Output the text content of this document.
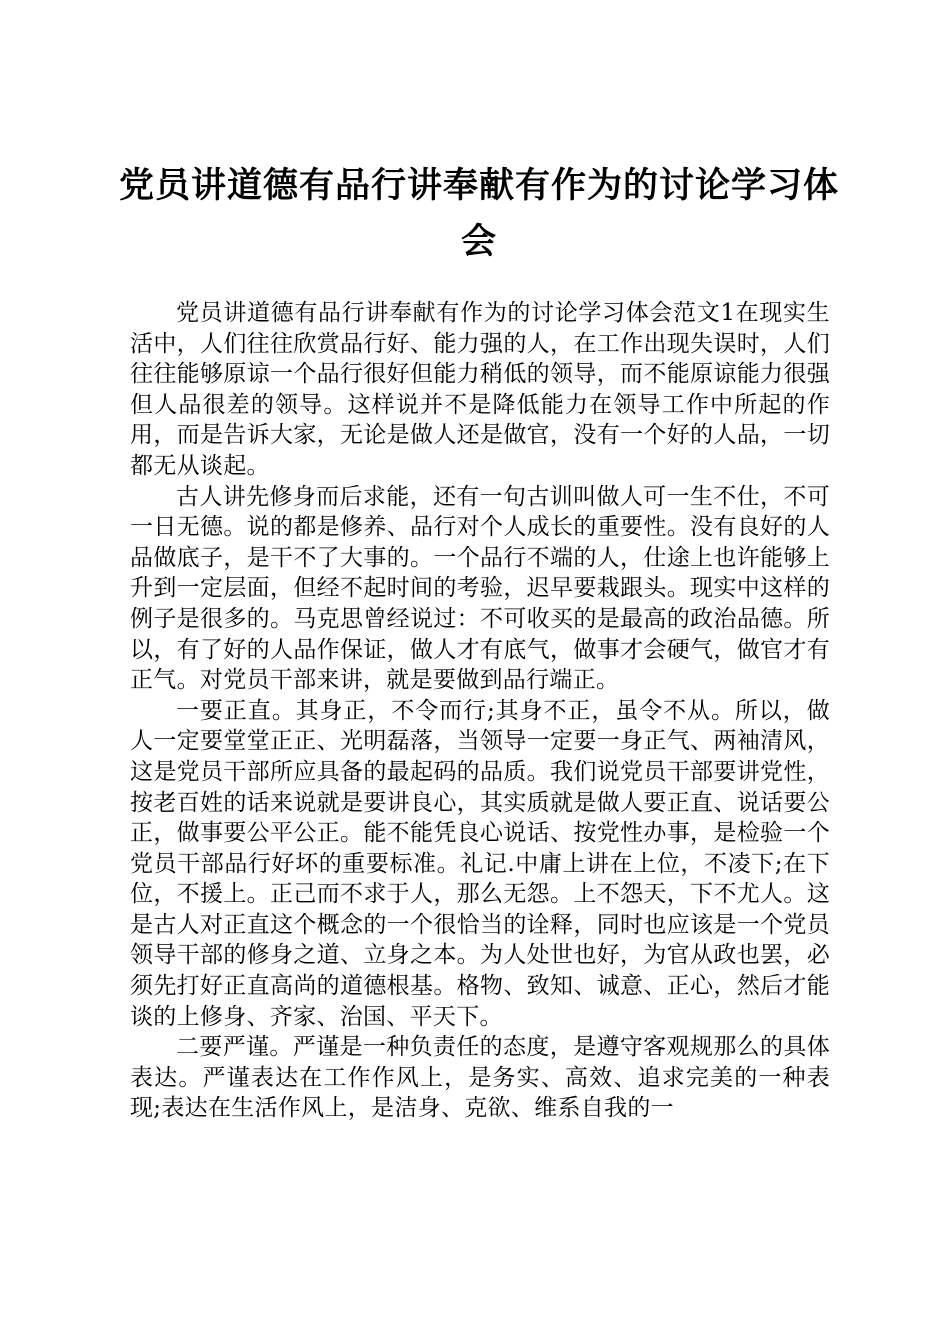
党员讲道德有品行讲奉献有作为的讨论学习体会

党员讲道德有品行讲奉献有作为的讨论学习体会范文1在现实生活中，人们往往欣赏品行好、能力强的人，在工作出现失误时，人们往往能够原谅一个品行很好但能力稍低的领导，而不能原谅能力很强但人品很差的领导。这样说并不是降低能力在领导工作中所起的作用，而是告诉大家，无论是做人还是做官，没有一个好的人品，一切都无从谈起。

古人讲先修身而后求能，还有一句古训叫做人可一生不仕，不可一日无德。说的都是修养、品行对个人成长的重要性。没有良好的人品做底子，是干不了大事的。一个品行不端的人，仕途上也许能够上升到一定层面，但经不起时间的考验，迟早要栽跟头。现实中这样的例子是很多的。马克思曾经说过：不可收买的是最高的政治品德。所以，有了好的人品作保证，做人才有底气，做事才会硬气，做官才有正气。对党员干部来讲，就是要做到品行端正。

一要正直。其身正，不令而行;其身不正，虽令不从。所以，做人一定要堂堂正正、光明磊落，当领导一定要一身正气、两袖清风，这是党员干部所应具备的最起码的品质。我们说党员干部要讲党性，按老百姓的话来说就是要讲良心，其实质就是做人要正直、说话要公正，做事要公平公正。能不能凭良心说话、按党性办事，是检验一个党员干部品行好坏的重要标准。礼记.中庸上讲在上位，不凌下;在下位，不援上。正己而不求于人，那么无怨。上不怨天，下不尤人。这是古人对正直这个概念的一个很恰当的诠释，同时也应该是一个党员领导干部的修身之道、立身之本。为人处世也好，为官从政也罢，必须先打好正直高尚的道德根基。格物、致知、诚意、正心，然后才能谈的上修身、齐家、治国、平天下。

二要严谨。严谨是一种负责任的态度，是遵守客观规那么的具体表达。严谨表达在工作作风上，是务实、高效、追求完美的一种表现;表达在生活作风上，是洁身、克欲、维系自我的一
